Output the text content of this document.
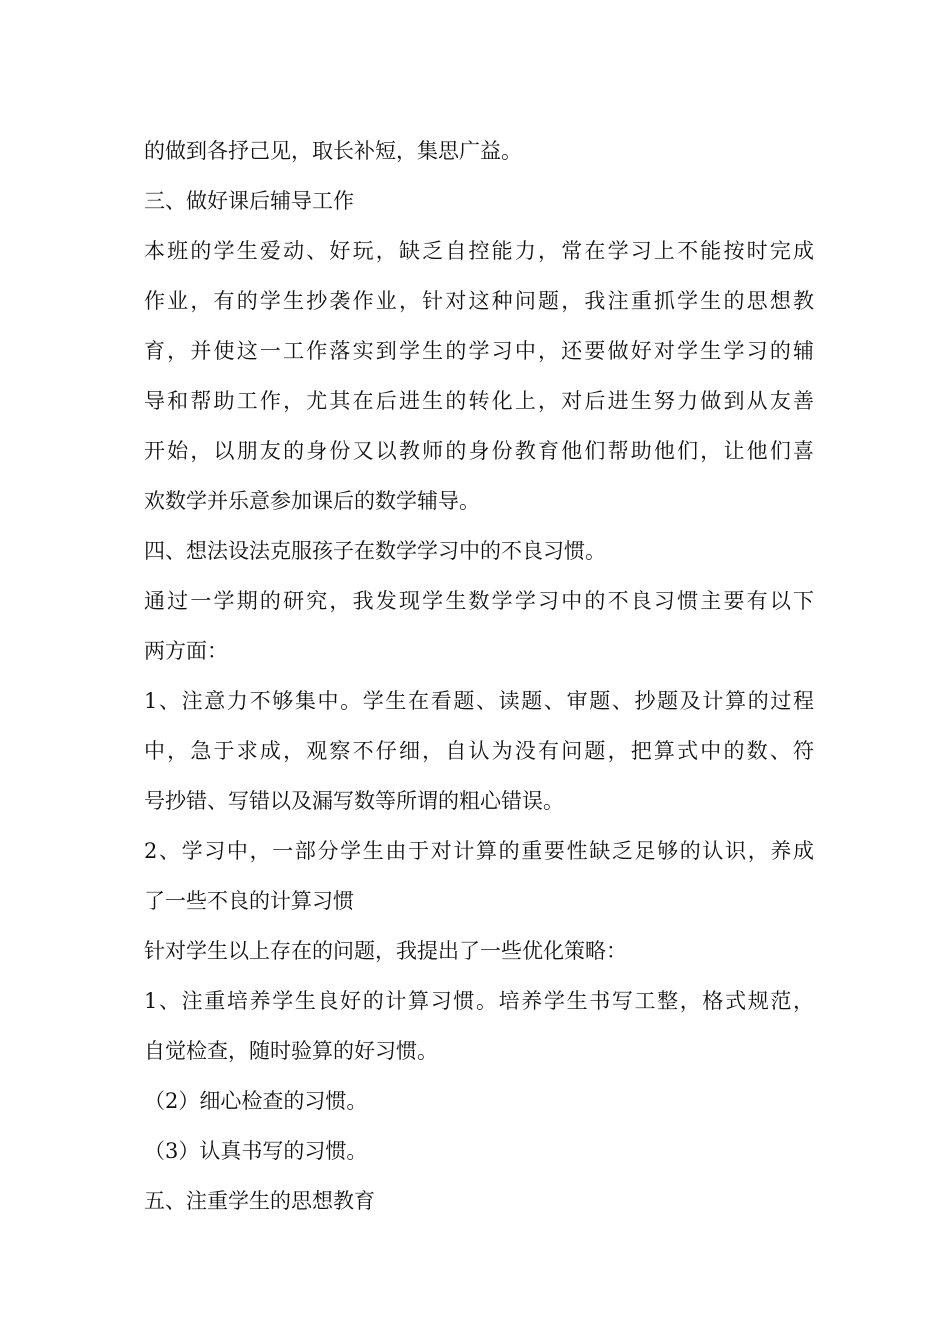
的做到各抒己见，取长补短，集思广益。
三、做好课后辅导工作
本班的学生爱动、好玩，缺乏自控能力，常在学习上不能按时完成
作业，有的学生抄袭作业，针对这种问题，我注重抓学生的思想教
育，并使这一工作落实到学生的学习中，还要做好对学生学习的辅
导和帮助工作，尤其在后进生的转化上，对后进生努力做到从友善
开始，以朋友的身份又以教师的身份教育他们帮助他们，让他们喜
欢数学并乐意参加课后的数学辅导。
四、想法设法克服孩子在数学学习中的不良习惯。
通过一学期的研究，我发现学生数学学习中的不良习惯主要有以下
两方面：
1、注意力不够集中。学生在看题、读题、审题、抄题及计算的过程
中，急于求成，观察不仔细，自认为没有问题，把算式中的数、符
号抄错、写错以及漏写数等所谓的粗心错误。
2、学习中，一部分学生由于对计算的重要性缺乏足够的认识，养成
了一些不良的计算习惯
针对学生以上存在的问题，我提出了一些优化策略：
1、注重培养学生良好的计算习惯。培养学生书写工整，格式规范，
自觉检查，随时验算的好习惯。
（2）细心检查的习惯。
（3）认真书写的习惯。
五、注重学生的思想教育
